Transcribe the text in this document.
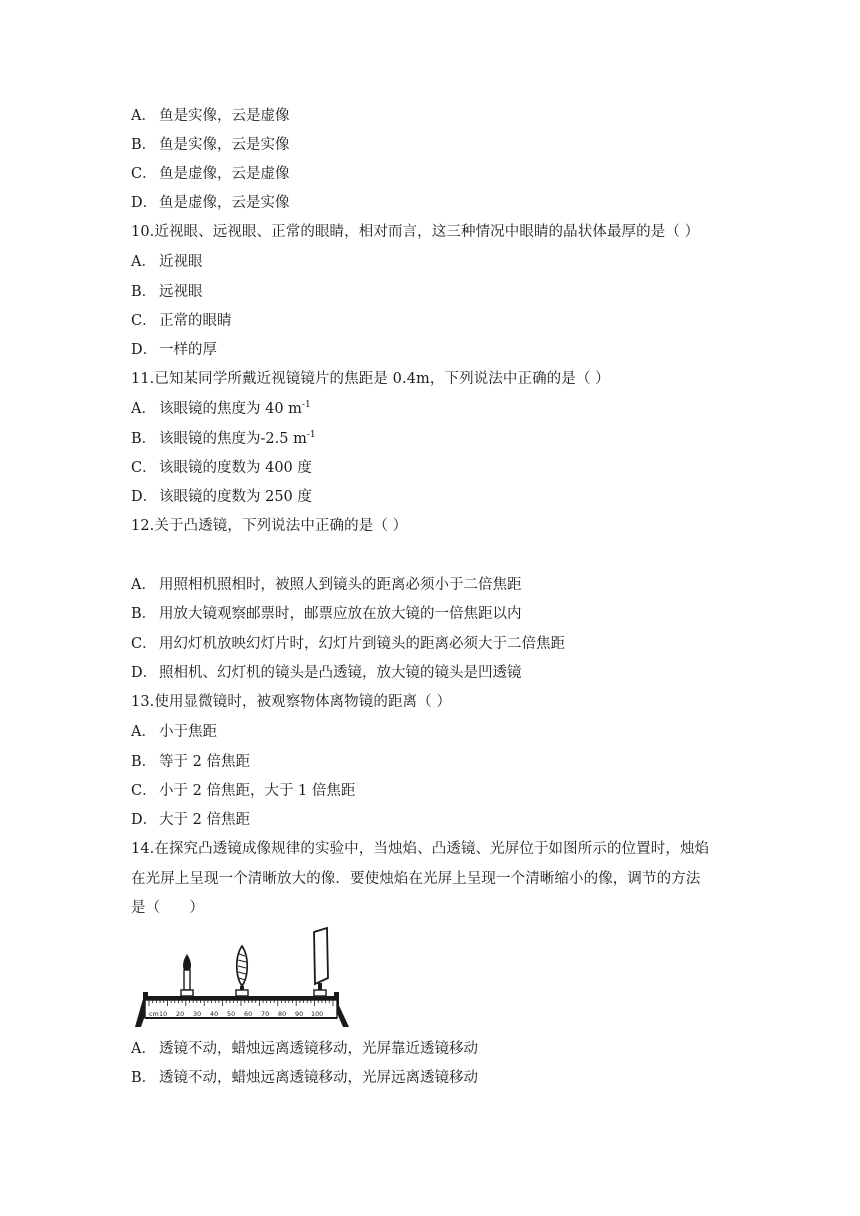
A． 鱼是实像，云是虚像
B． 鱼是实像，云是实像
C． 鱼是虚像，云是虚像
D． 鱼是虚像，云是实像
10.近视眼、远视眼、正常的眼睛，相对而言，这三种情况中眼睛的晶状体最厚的是（ ）
A． 近视眼
B． 远视眼
C． 正常的眼睛
D． 一样的厚
11.已知某同学所戴近视镜镜片的焦距是 0.4m，下列说法中正确的是（ ）
A． 该眼镜的焦度为 40 $m^{-1}$
B． 该眼镜的焦度为-2.5 $m^{-1}$
C． 该眼镜的度数为 400 度
D． 该眼镜的度数为 250 度
12.关于凸透镜，下列说法中正确的是（ ）
A． 用照相机照相时，被照人到镜头的距离必须小于二倍焦距
B． 用放大镜观察邮票时，邮票应放在放大镜的一倍焦距以内
C． 用幻灯机放映幻灯片时，幻灯片到镜头的距离必须大于二倍焦距
D． 照相机、幻灯机的镜头是凸透镜，放大镜的镜头是凹透镜
13.使用显微镜时，被观察物体离物镜的距离（ ）
A． 小于焦距
B． 等于 2 倍焦距
C． 小于 2 倍焦距，大于 1 倍焦距
D． 大于 2 倍焦距
14.在探究凸透镜成像规律的实验中，当烛焰、凸透镜、光屏位于如图所示的位置时，烛焰
在光屏上呈现一个清晰放大的像．要使烛焰在光屏上呈现一个清晰缩小的像，调节的方法
是（　　）
cm 10 20 30 40 50 60 70 80 90 100
A． 透镜不动，蜡烛远离透镜移动，光屏靠近透镜移动
B． 透镜不动，蜡烛远离透镜移动，光屏远离透镜移动
